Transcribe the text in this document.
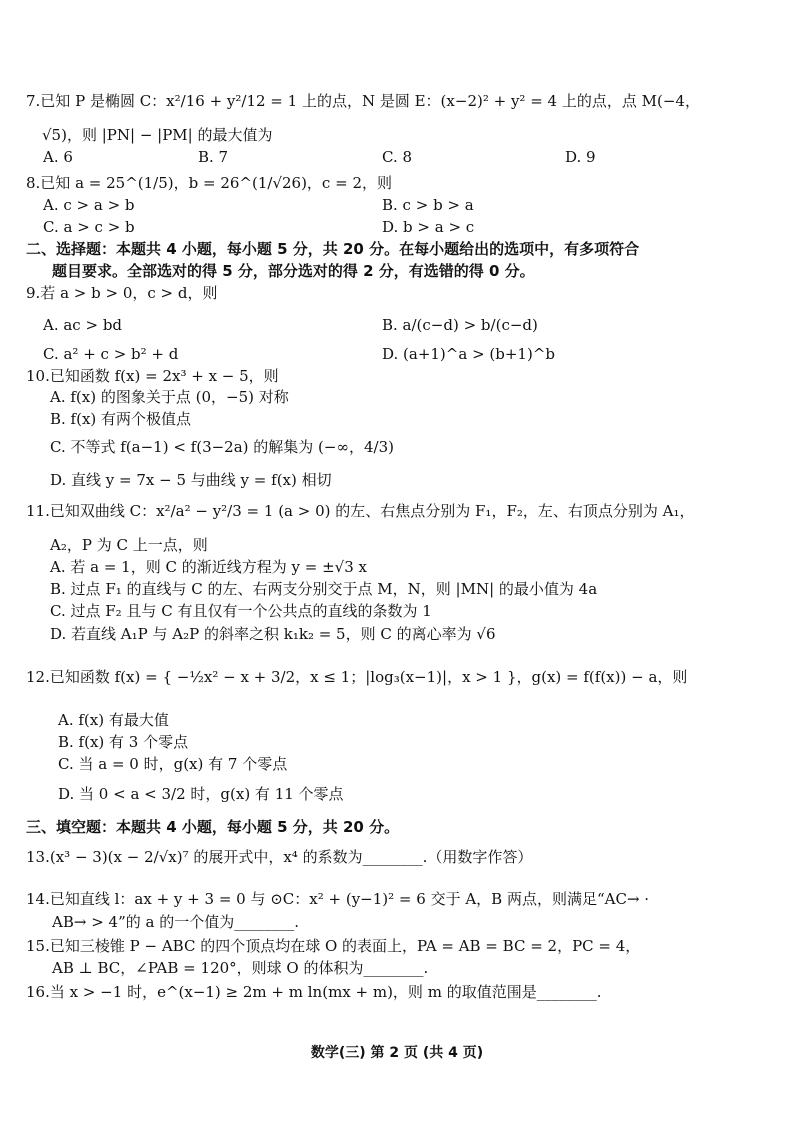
7.已知 P 是椭圆 C：x²/16 + y²/12 = 1 上的点，N 是圆 E：(x−2)² + y² = 4 上的点，点 M(−4，
√5)，则 |PN| − |PM| 的最大值为
A. 6	B. 7	C. 8	D. 9
8.已知 a = 25^(1/5)，b = 26^(1/√26)，c = 2，则
A. c > a > b	B. c > b > a
C. a > c > b	D. b > a > c
二、选择题：本题共 4 小题，每小题 5 分，共 20 分。在每小题给出的选项中，有多项符合
题目要求。全部选对的得 5 分，部分选对的得 2 分，有选错的得 0 分。
9.若 a > b > 0，c > d，则
A. ac > bd	B. a/(c−d) > b/(c−d)
C. a² + c > b² + d	D. (a+1)^a > (b+1)^b
10.已知函数 f(x) = 2x³ + x − 5，则
A. f(x) 的图象关于点 (0，−5) 对称
B. f(x) 有两个极值点
C. 不等式 f(a−1) < f(3−2a) 的解集为 (−∞，4/3)
D. 直线 y = 7x − 5 与曲线 y = f(x) 相切
11.已知双曲线 C：x²/a² − y²/3 = 1 (a > 0) 的左、右焦点分别为 F₁，F₂，左、右顶点分别为 A₁，
A₂，P 为 C 上一点，则
A. 若 a = 1，则 C 的渐近线方程为 y = ±√3 x
B. 过点 F₁ 的直线与 C 的左、右两支分别交于点 M，N，则 |MN| 的最小值为 4a
C. 过点 F₂ 且与 C 有且仅有一个公共点的直线的条数为 1
D. 若直线 A₁P 与 A₂P 的斜率之积 k₁k₂ = 5，则 C 的离心率为 √6
12.已知函数 f(x) = { −½x² − x + 3/2，x ≤ 1；|log₃(x−1)|，x > 1 }，g(x) = f(f(x)) − a，则
A. f(x) 有最大值
B. f(x) 有 3 个零点
C. 当 a = 0 时，g(x) 有 7 个零点
D. 当 0 < a < 3/2 时，g(x) 有 11 个零点
三、填空题：本题共 4 小题，每小题 5 分，共 20 分。
13.(x³ − 3)(x − 2/√x)⁷ 的展开式中，x⁴ 的系数为________.（用数字作答）
14.已知直线 l：ax + y + 3 = 0 与 ⊙C：x² + (y−1)² = 6 交于 A，B 两点，则满足“AC→ ·
AB→ > 4”的 a 的一个值为________.
15.已知三棱锥 P − ABC 的四个顶点均在球 O 的表面上，PA = AB = BC = 2，PC = 4，
AB ⊥ BC，∠PAB = 120°，则球 O 的体积为________.
16.当 x > −1 时，e^(x−1) ≥ 2m + m ln(mx + m)，则 m 的取值范围是________.
数学(三) 第 2 页 (共 4 页)
